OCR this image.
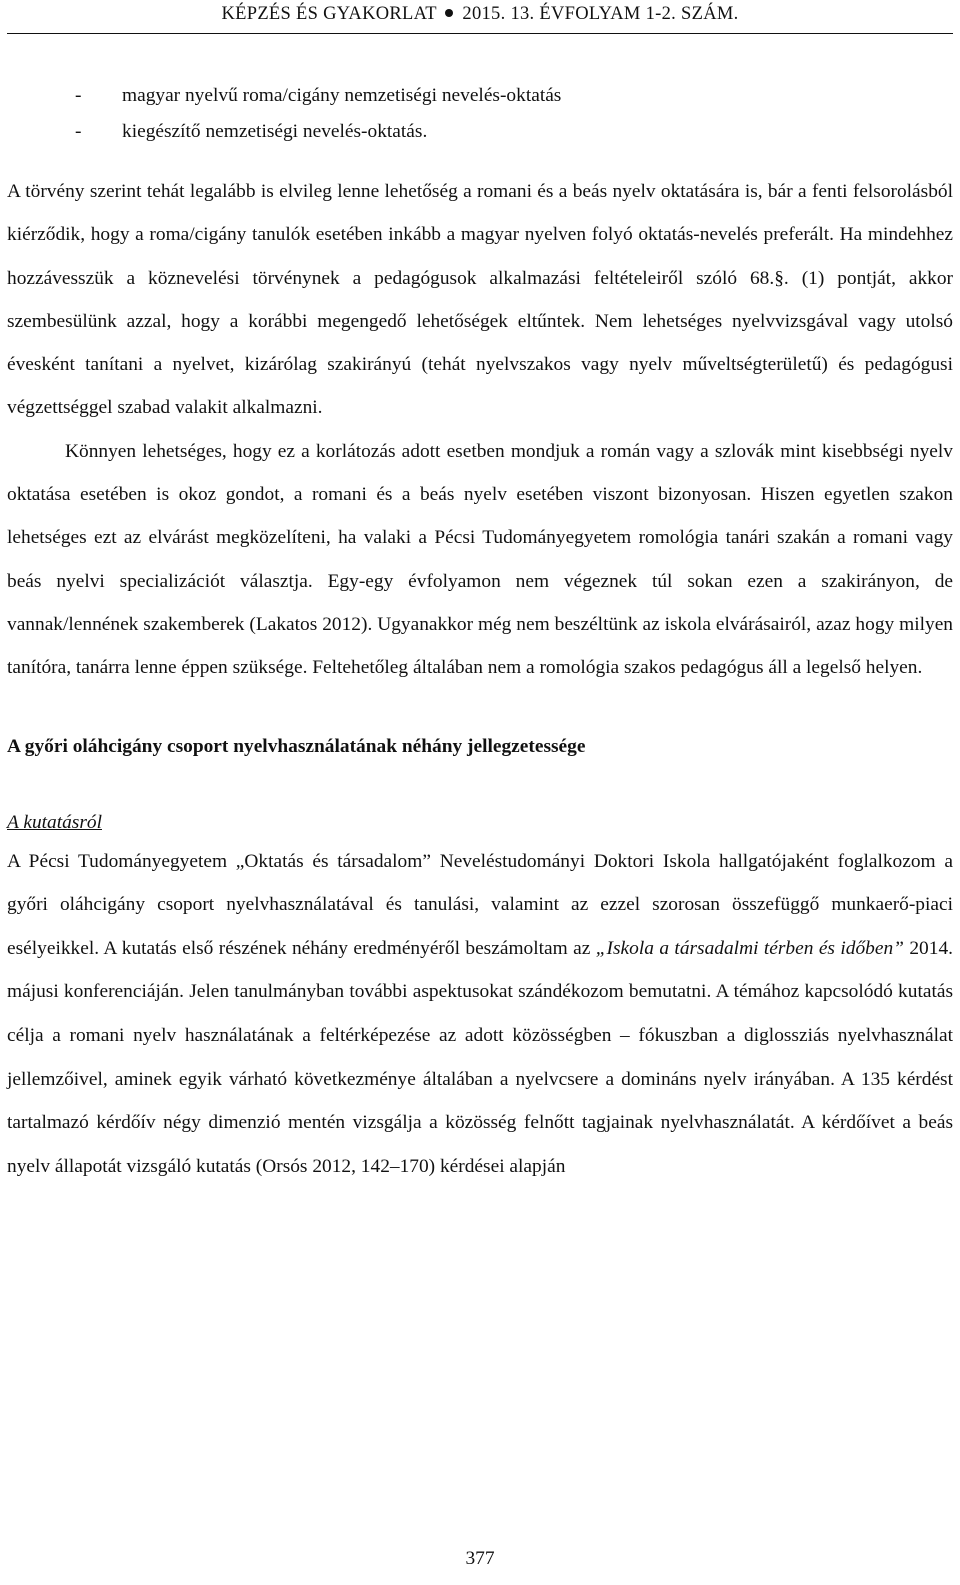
KÉPZÉS ÉS GYAKORLAT 2015. 13. ÉVFOLYAM 1-2. SZÁM.

- magyar nyelvű roma/cigány nemzetiségi nevelés-oktatás

- kiegészítő nemzetiségi nevelés-oktatás.

A törvény szerint tehát legalább is elvileg lenne lehetőség a romani és a beás nyelv oktatására is, bár a fenti felsorolásból kiérződik, hogy a roma/cigány tanulók esetében inkább a magyar nyelven folyó oktatás-nevelés preferált. Ha mindehhez hozzávesszük a köznevelési törvénynek a pedagógusok alkalmazási feltételeiről szóló 68.§. (1) pontját, akkor szembesülünk azzal, hogy a korábbi megengedő lehetőségek eltűntek. Nem lehetséges nyelvvizsgával vagy utolsó évesként tanítani a nyelvet, kizárólag szakirányú (tehát nyelvszakos vagy nyelv műveltségterületű) és pedagógusi végzettséggel szabad valakit alkalmazni.

Könnyen lehetséges, hogy ez a korlátozás adott esetben mondjuk a román vagy a szlovák mint kisebbségi nyelv oktatása esetében is okoz gondot, a romani és a beás nyelv esetében viszont bizonyosan. Hiszen egyetlen szakon lehetséges ezt az elvárást megközelíteni, ha valaki a Pécsi Tudományegyetem romológia tanári szakán a romani vagy beás nyelvi specializációt választja. Egy-egy évfolyamon nem végeznek túl sokan ezen a szakirányon, de vannak/lennének szakemberek (Lakatos 2012). Ugyanakkor még nem beszéltünk az iskola elvárásairól, azaz hogy milyen tanítóra, tanárra lenne éppen szüksége. Feltehetőleg általában nem a romológia szakos pedagógus áll a legelső helyen.

A győri oláhcigány csoport nyelvhasználatának néhány jellegzetessége

A kutatásról

A Pécsi Tudományegyetem „Oktatás és társadalom” Neveléstudományi Doktori Iskola hallgatójaként foglalkozom a győri oláhcigány csoport nyelvhasználatával és tanulási, valamint az ezzel szorosan összefüggő munkaerő-piaci esélyeikkel. A kutatás első részének néhány eredményéről beszámoltam az „Iskola a társadalmi térben és időben” 2014. májusi konferenciáján. Jelen tanulmányban további aspektusokat szándékozom bemutatni. A témához kapcsolódó kutatás célja a romani nyelv használatának a feltérképezése az adott közösségben – fókuszban a diglossziás nyelvhasználat jellemzőivel, aminek egyik várható következménye általában a nyelvcsere a domináns nyelv irányában. A 135 kérdést tartalmazó kérdőív négy dimenzió mentén vizsgálja a közösség felnőtt tagjainak nyelvhasználatát. A kérdőívet a beás nyelv állapotát vizsgáló kutatás (Orsós 2012, 142–170) kérdései alapján

377
